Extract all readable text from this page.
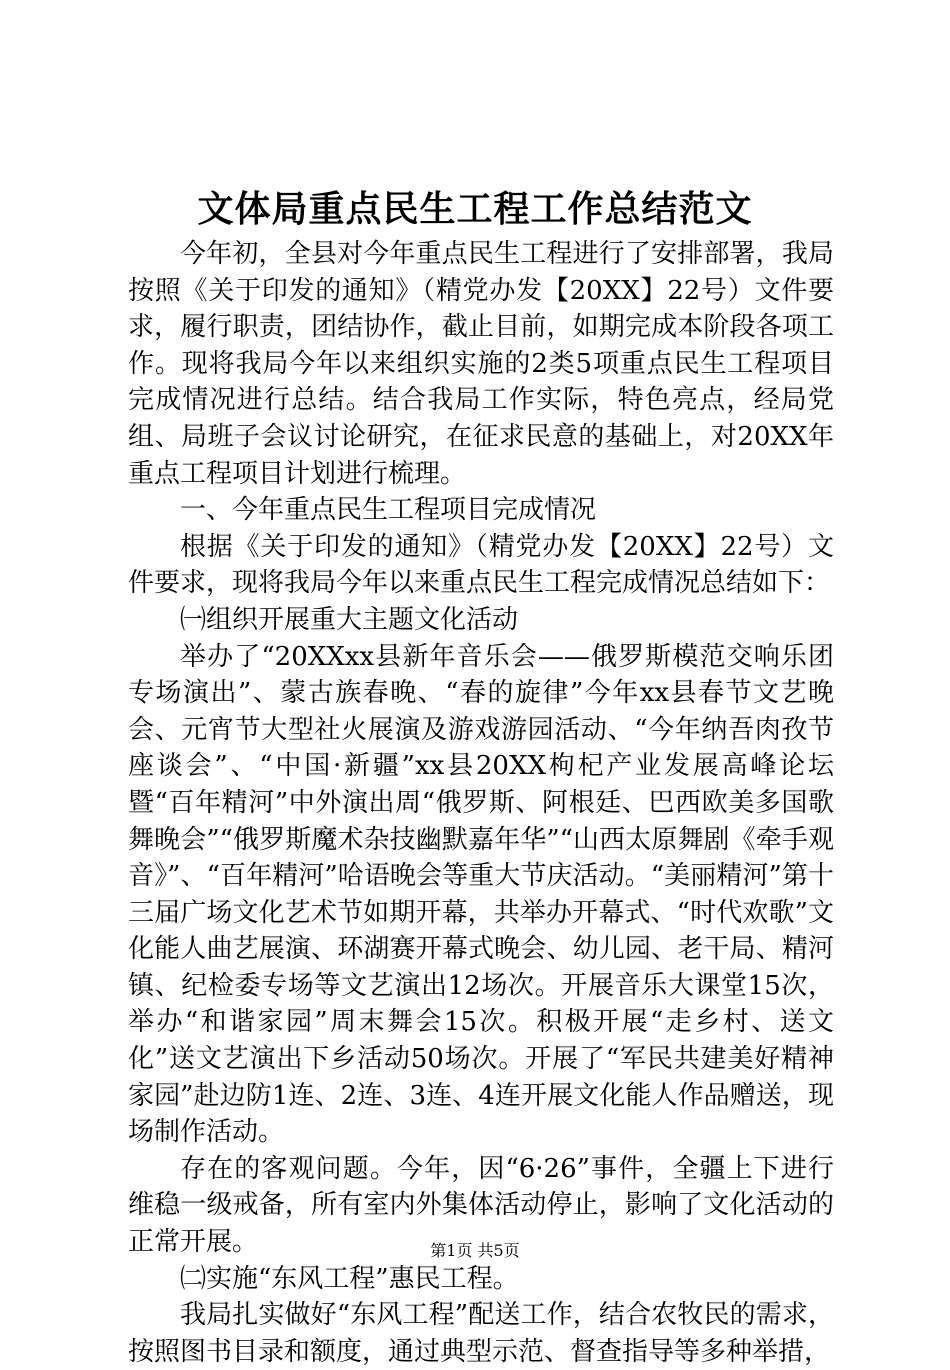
文体局重点民生工程工作总结范文

今年初，全县对今年重点民生工程进行了安排部署，我局按照《关于印发的通知》（精党办发【20XX】22号）文件要求，履行职责，团结协作，截止目前，如期完成本阶段各项工作。现将我局今年以来组织实施的2类5项重点民生工程项目完成情况进行总结。结合我局工作实际，特色亮点，经局党组、局班子会议讨论研究，在征求民意的基础上，对20XX年重点工程项目计划进行梳理。

一、今年重点民生工程项目完成情况

根据《关于印发的通知》（精党办发【20XX】22号）文件要求，现将我局今年以来重点民生工程完成情况总结如下：

㈠组织开展重大主题文化活动

举办了“20XXxx县新年音乐会——俄罗斯模范交响乐团专场演出”、蒙古族春晚、“春的旋律”今年xx县春节文艺晚会、元宵节大型社火展演及游戏游园活动、“今年纳吾肉孜节座谈会”、“中国·新疆”xx县20XX枸杞产业发展高峰论坛暨“百年精河”中外演出周“俄罗斯、阿根廷、巴西欧美多国歌舞晚会”“俄罗斯魔术杂技幽默嘉年华”“山西太原舞剧《牵手观音》”、“百年精河”哈语晚会等重大节庆活动。“美丽精河”第十三届广场文化艺术节如期开幕，共举办开幕式、“时代欢歌”文化能人曲艺展演、环湖赛开幕式晚会、幼儿园、老干局、精河镇、纪检委专场等文艺演出12场次。开展音乐大课堂15次，举办“和谐家园”周末舞会15次。积极开展“走乡村、送文化”送文艺演出下乡活动50场次。开展了“军民共建美好精神家园”赴边防1连、2连、3连、4连开展文化能人作品赠送，现场制作活动。

存在的客观问题。今年，因“6·26”事件，全疆上下进行维稳一级戒备，所有室内外集体活动停止，影响了文化活动的正常开展。

㈡实施“东风工程”惠民工程。

我局扎实做好“东风工程”配送工作，结合农牧民的需求，按照图书目录和额度，通过典型示范、督查指导等多种举措，

第1页 共5页
